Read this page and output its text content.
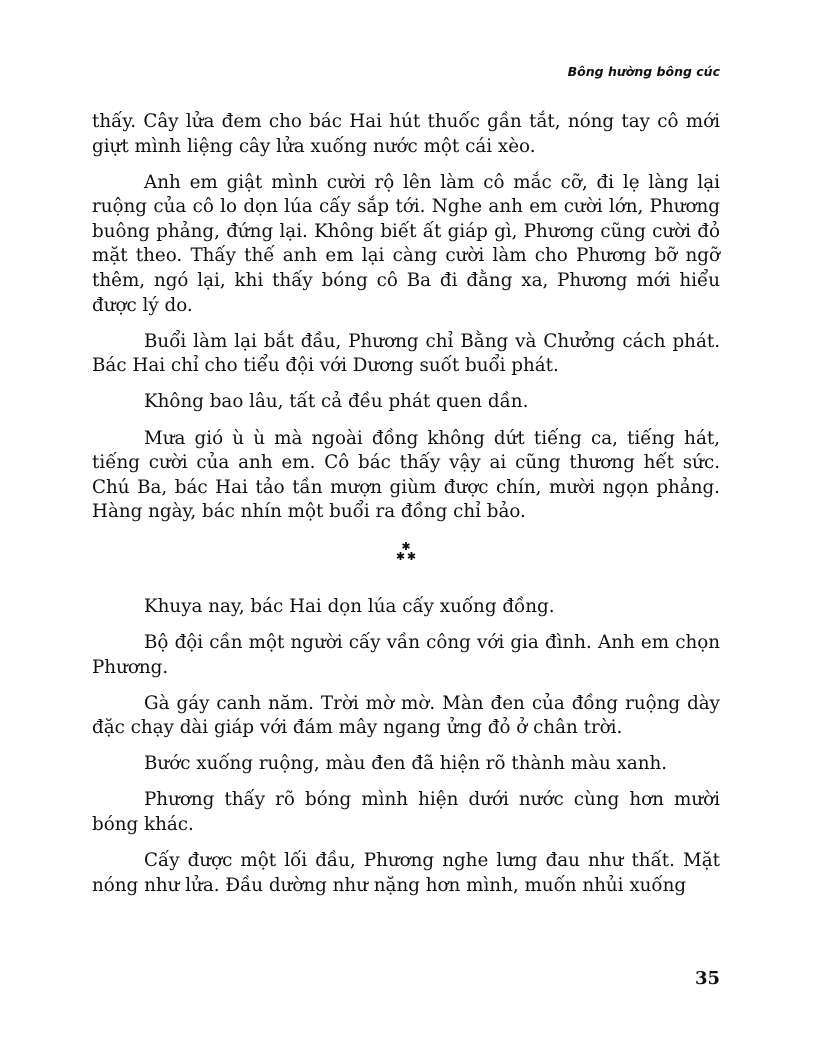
Bông hường bông cúc

thấy. Cây lửa đem cho bác Hai hút thuốc gần tắt, nóng tay cô mới giựt mình liệng cây lửa xuống nước một cái xèo.

Anh em giật mình cười rộ lên làm cô mắc cỡ, đi lẹ làng lại ruộng của cô lo dọn lúa cấy sắp tới. Nghe anh em cười lớn, Phương buông phảng, đứng lại. Không biết ất giáp gì, Phương cũng cười đỏ mặt theo. Thấy thế anh em lại càng cười làm cho Phương bỡ ngỡ thêm, ngó lại, khi thấy bóng cô Ba đi đằng xa, Phương mới hiểu được lý do.

Buổi làm lại bắt đầu, Phương chỉ Bằng và Chưởng cách phát. Bác Hai chỉ cho tiểu đội với Dương suốt buổi phát.

Không bao lâu, tất cả đều phát quen dần.

Mưa gió ù ù mà ngoài đồng không dứt tiếng ca, tiếng hát, tiếng cười của anh em. Cô bác thấy vậy ai cũng thương hết sức. Chú Ba, bác Hai tảo tần mượn giùm được chín, mười ngọn phảng. Hàng ngày, bác nhín một buổi ra đồng chỉ bảo.

Khuya nay, bác Hai dọn lúa cấy xuống đồng.

Bộ đội cần một người cấy vần công với gia đình. Anh em chọn Phương.

Gà gáy canh năm. Trời mờ mờ. Màn đen của đồng ruộng dày đặc chạy dài giáp với đám mây ngang ửng đỏ ở chân trời.

Bước xuống ruộng, màu đen đã hiện rõ thành màu xanh.

Phương thấy rõ bóng mình hiện dưới nước cùng hơn mười bóng khác.

Cấy được một lối đầu, Phương nghe lưng đau như thất. Mặt nóng như lửa. Đầu dường như nặng hơn mình, muốn nhủi xuống

35
